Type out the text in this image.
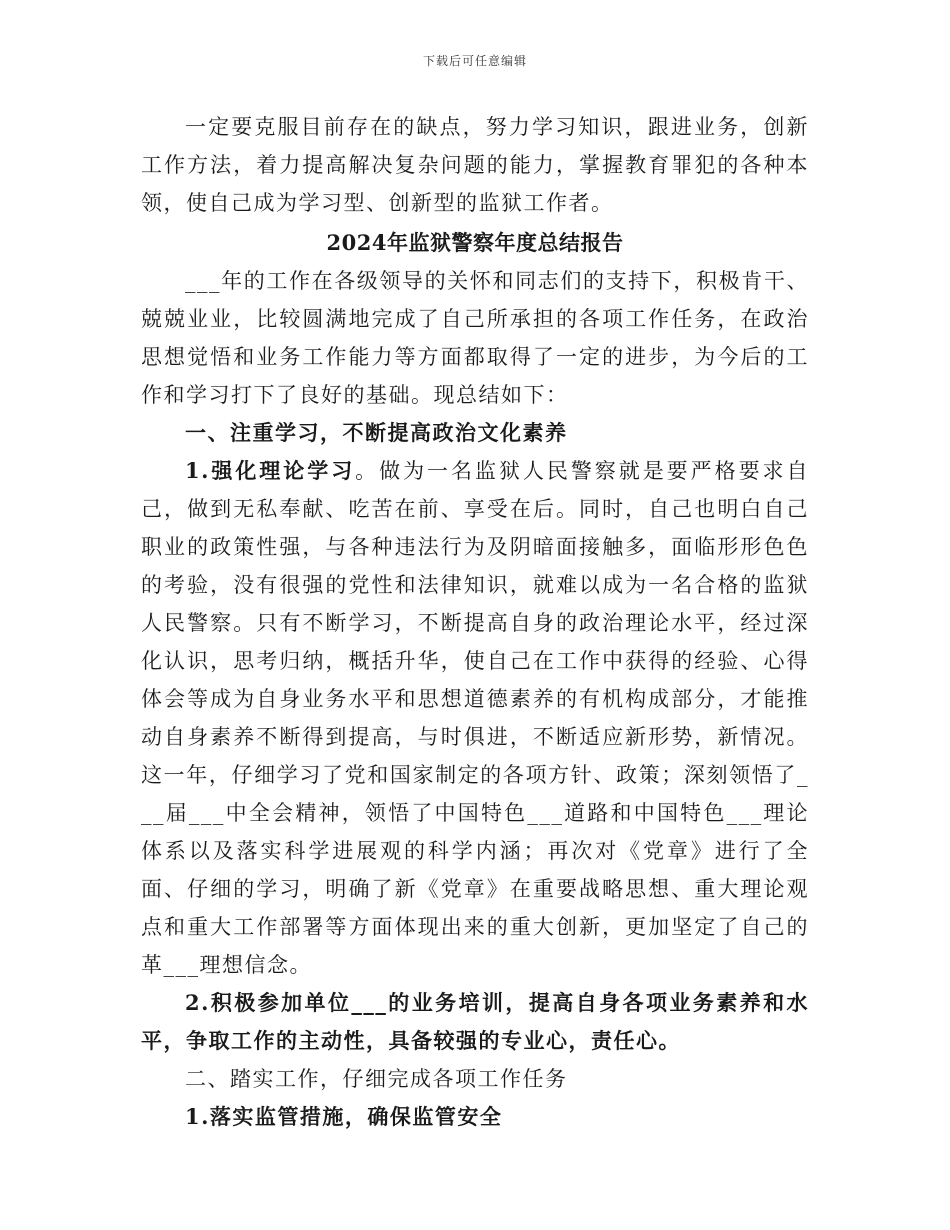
下载后可任意编辑

一定要克服目前存在的缺点，努力学习知识，跟进业务，创新工作方法，着力提高解决复杂问题的能力，掌握教育罪犯的各种本领，使自己成为学习型、创新型的监狱工作者。

2024年监狱警察年度总结报告

___年的工作在各级领导的关怀和同志们的支持下，积极肯干、兢兢业业，比较圆满地完成了自己所承担的各项工作任务，在政治思想觉悟和业务工作能力等方面都取得了一定的进步，为今后的工作和学习打下了良好的基础。现总结如下：

一、注重学习，不断提高政治文化素养

1.强化理论学习。做为一名监狱人民警察就是要严格要求自己，做到无私奉献、吃苦在前、享受在后。同时，自己也明白自己职业的政策性强，与各种违法行为及阴暗面接触多，面临形形色色的考验，没有很强的党性和法律知识，就难以成为一名合格的监狱人民警察。只有不断学习，不断提高自身的政治理论水平，经过深化认识，思考归纳，概括升华，使自己在工作中获得的经验、心得体会等成为自身业务水平和思想道德素养的有机构成部分，才能推动自身素养不断得到提高，与时俱进，不断适应新形势，新情况。这一年，仔细学习了党和国家制定的各项方针、政策；深刻领悟了___届___中全会精神，领悟了中国特色___道路和中国特色___理论体系以及落实科学进展观的科学内涵；再次对《党章》进行了全面、仔细的学习，明确了新《党章》在重要战略思想、重大理论观点和重大工作部署等方面体现出来的重大创新，更加坚定了自己的革___理想信念。

2.积极参加单位___的业务培训，提高自身各项业务素养和水平，争取工作的主动性，具备较强的专业心，责任心。

二、踏实工作，仔细完成各项工作任务
1.落实监管措施，确保监管安全
